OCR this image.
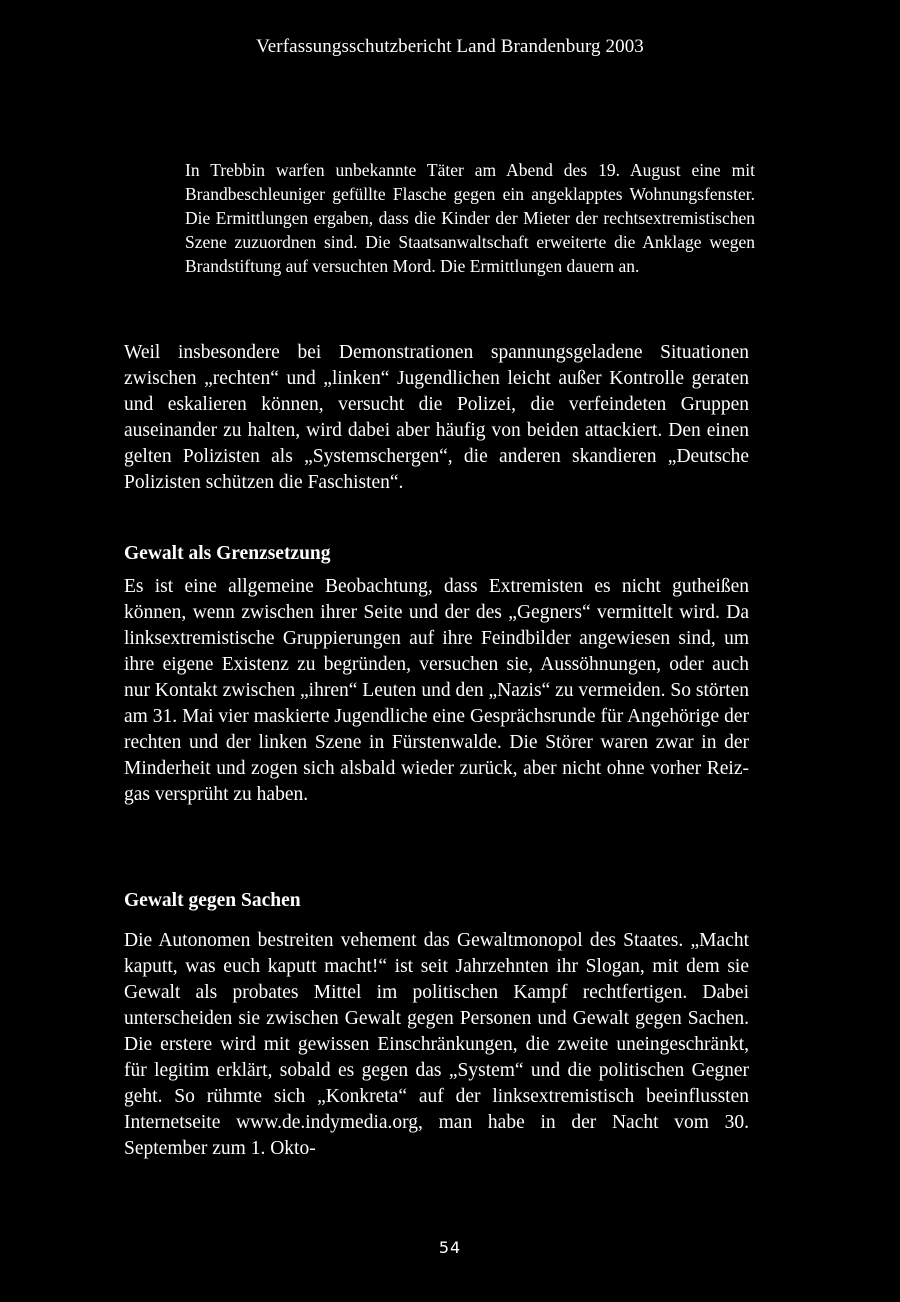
Verfassungsschutzbericht Land Brandenburg 2003
In Trebbin warfen unbekannte Täter am Abend des 19. August eine mit Brandbeschleuniger gefüllte Flasche gegen ein angeklapptes Wohnungsfenster. Die Ermittlungen ergaben, dass die Kinder der Mieter der rechtsextremistischen Szene zuzuordnen sind. Die Staatsanwaltschaft erweiterte die Anklage wegen Brandstiftung auf versuchten Mord. Die Ermittlungen dauern an.

Weil insbesondere bei Demonstrationen spannungsgeladene Situationen zwischen „rechten“ und „linken“ Jugendlichen leicht außer Kontrolle geraten und eskalieren können, versucht die Polizei, die verfeindeten Gruppen auseinander zu halten, wird dabei aber häufig von beiden attackiert. Den einen gelten Polizisten als „Systemschergen“, die anderen skandieren „Deutsche Polizisten schützen die Faschisten“.

Gewalt als Grenzsetzung

Es ist eine allgemeine Beobachtung, dass Extremisten es nicht gutheißen können, wenn zwischen ihrer Seite und der des „Gegners“ vermittelt wird. Da linksextremistische Gruppierungen auf ihre Feindbilder angewiesen sind, um ihre eigene Existenz zu begründen, versuchen sie, Aussöhnungen, oder auch nur Kontakt zwischen „ihren“ Leuten und den „Nazis“ zu vermeiden. So störten am 31. Mai vier maskierte Jugendliche eine Gesprächsrunde für Angehörige der rechten und der linken Szene in Fürstenwalde. Die Störer waren zwar in der Minderheit und zogen sich alsbald wieder zurück, aber nicht ohne vorher Reizgas versprüht zu haben.

Gewalt gegen Sachen

Die Autonomen bestreiten vehement das Gewaltmonopol des Staates. „Macht kaputt, was euch kaputt macht!“ ist seit Jahrzehnten ihr Slogan, mit dem sie Gewalt als probates Mittel im politischen Kampf rechtfertigen. Dabei unterscheiden sie zwischen Gewalt gegen Personen und Gewalt gegen Sachen. Die erstere wird mit gewissen Einschränkungen, die zweite uneingeschränkt, für legitim erklärt, sobald es gegen das „System“ und die politischen Gegner geht. So rühmte sich „Konkreta“ auf der linksextremistisch beeinflussten Internetseite www.de.indymedia.org, man habe in der Nacht vom 30. September zum 1. Okto-

54
